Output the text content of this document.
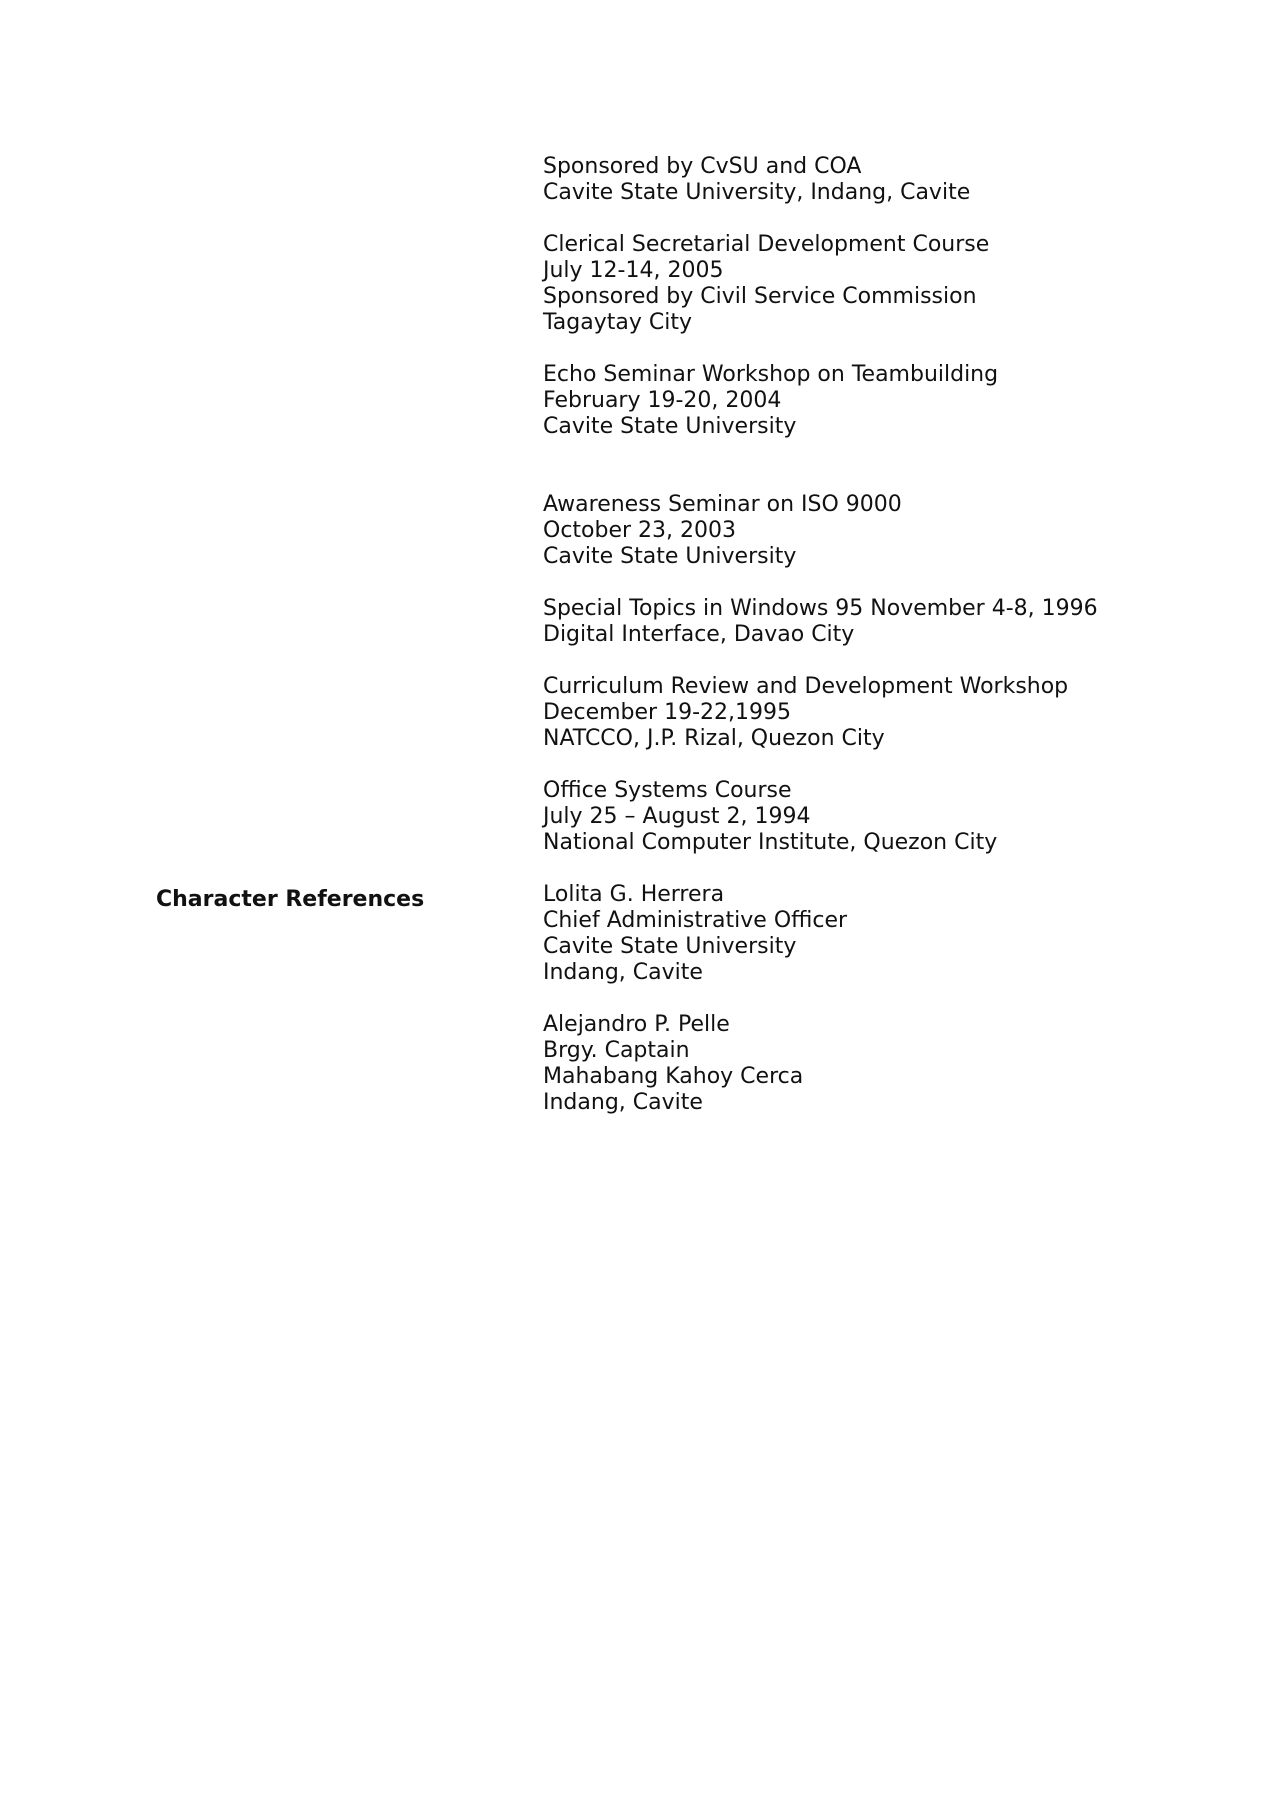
Character References
Sponsored by CvSU and COA
Cavite State University, Indang, Cavite
Clerical Secretarial Development Course
July 12-14, 2005
Sponsored by Civil Service Commission
Tagaytay City
Echo Seminar Workshop on Teambuilding
February 19-20, 2004
Cavite State University
Awareness Seminar on ISO 9000
October 23, 2003
Cavite State University
Special Topics in Windows 95 November 4-8, 1996
Digital Interface, Davao City
Curriculum Review and Development Workshop
December 19-22,1995
NATCCO, J.P. Rizal, Quezon City
Office Systems Course
July 25 – August 2, 1994
National Computer Institute, Quezon City
Lolita G. Herrera
Chief Administrative Officer
Cavite State University
Indang, Cavite
Alejandro P. Pelle
Brgy. Captain
Mahabang Kahoy Cerca
Indang, Cavite
